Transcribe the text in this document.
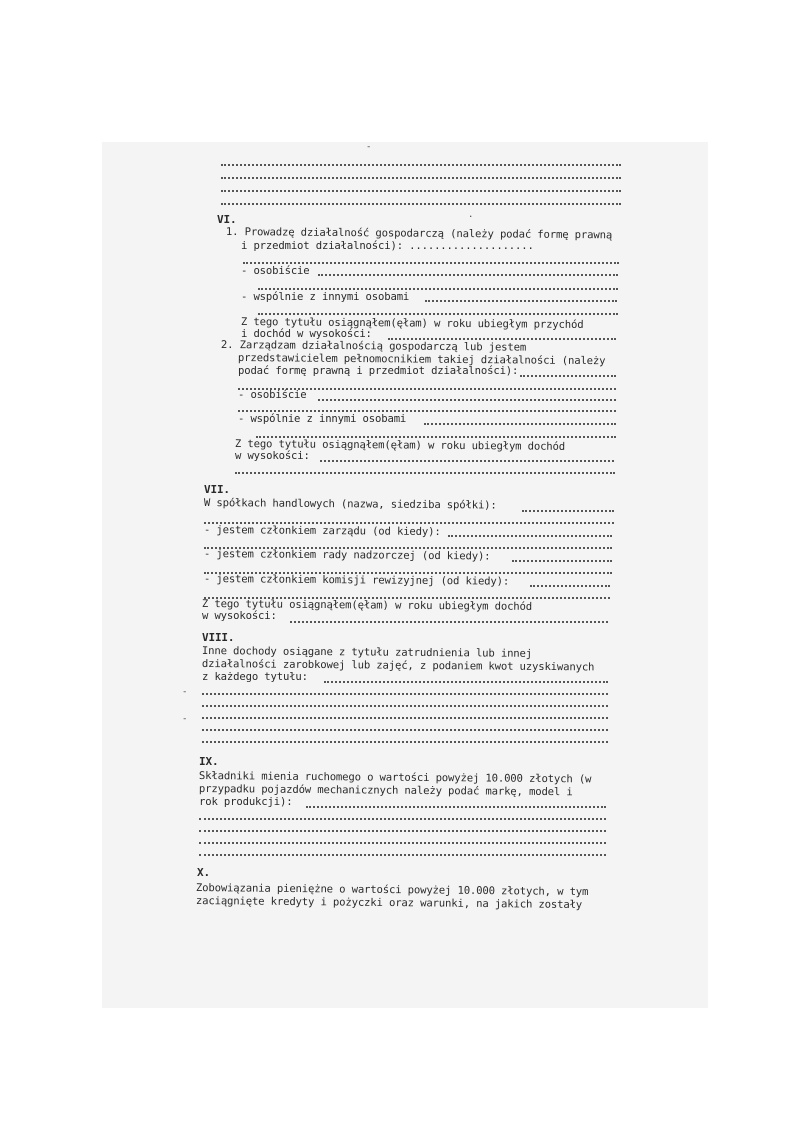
VI.
1. Prowadzę działalność gospodarczą (należy podać formę prawną
i przedmiot działalności): ....................
- osobiście
- wspólnie z innymi osobami
Z tego tytułu osiągnąłem(ęłam) w roku ubiegłym przychód
i dochód w wysokości:
2. Zarządzam działalnością gospodarczą lub jestem
przedstawicielem pełnomocnikiem takiej działalności (należy
podać formę prawną i przedmiot działalności):
- osobiście
- wspólnie z innymi osobami
Z tego tytułu osiągnąłem(ęłam) w roku ubiegłym dochód
w wysokości:
VII.
W spółkach handlowych (nazwa, siedziba spółki):
- jestem członkiem zarządu (od kiedy):
- jestem członkiem rady nadzorczej (od kiedy):
- jestem członkiem komisji rewizyjnej (od kiedy):
Z tego tytułu osiągnąłem(ęłam) w roku ubiegłym dochód
w wysokości:
VIII.
Inne dochody osiągane z tytułu zatrudnienia lub innej
działalności zarobkowej lub zajęć, z podaniem kwot uzyskiwanych
z każdego tytułu:
IX.
Składniki mienia ruchomego o wartości powyżej 10.000 złotych (w
przypadku pojazdów mechanicznych należy podać markę, model i
rok produkcji):
X.
Zobowiązania pieniężne o wartości powyżej 10.000 złotych, w tym
zaciągnięte kredyty i pożyczki oraz warunki, na jakich zostały
-
.
-
-
